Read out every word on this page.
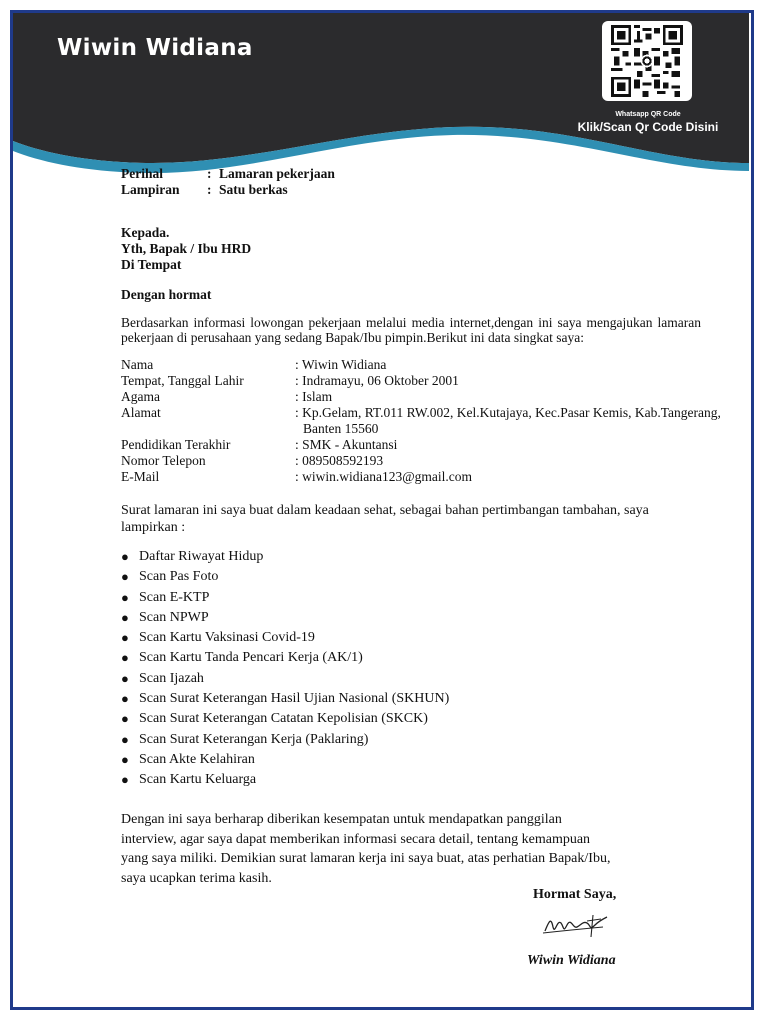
Wiwin Widiana
Whatsapp QR Code
Klik/Scan Qr Code Disini
Perihal	: Lamaran pekerjaan
Lampiran	: Satu berkas
Kepada.
Yth, Bapak / Ibu HRD
Di Tempat
Dengan hormat
Berdasarkan informasi lowongan pekerjaan melalui media internet,dengan ini saya mengajukan lamaran pekerjaan di perusahaan yang sedang Bapak/Ibu pimpin.Berikut ini data singkat saya:
Nama	: Wiwin Widiana
Tempat, Tanggal Lahir	: Indramayu, 06 Oktober 2001
Agama	: Islam
Alamat	: Kp.Gelam, RT.011 RW.002, Kel.Kutajaya, Kec.Pasar Kemis, Kab.Tangerang,
Banten 15560
Pendidikan Terakhir	: SMK - Akuntansi
Nomor Telepon	: 089508592193
E-Mail	: wiwin.widiana123@gmail.com
Surat lamaran ini saya buat dalam keadaan sehat, sebagai bahan pertimbangan tambahan, saya lampirkan :
● Daftar Riwayat Hidup
● Scan Pas Foto
● Scan E-KTP
● Scan NPWP
● Scan Kartu Vaksinasi Covid-19
● Scan Kartu Tanda Pencari Kerja (AK/1)
● Scan Ijazah
● Scan Surat Keterangan Hasil Ujian Nasional (SKHUN)
● Scan Surat Keterangan Catatan Kepolisian (SKCK)
● Scan Surat Keterangan Kerja (Paklaring)
● Scan Akte Kelahiran
● Scan Kartu Keluarga
Dengan ini saya berharap diberikan kesempatan untuk mendapatkan panggilan
interview, agar saya dapat memberikan informasi secara detail, tentang kemampuan
yang saya miliki. Demikian surat lamaran kerja ini saya buat, atas perhatian Bapak/Ibu,
saya ucapkan terima kasih.
Hormat Saya,
Wiwin Widiana
